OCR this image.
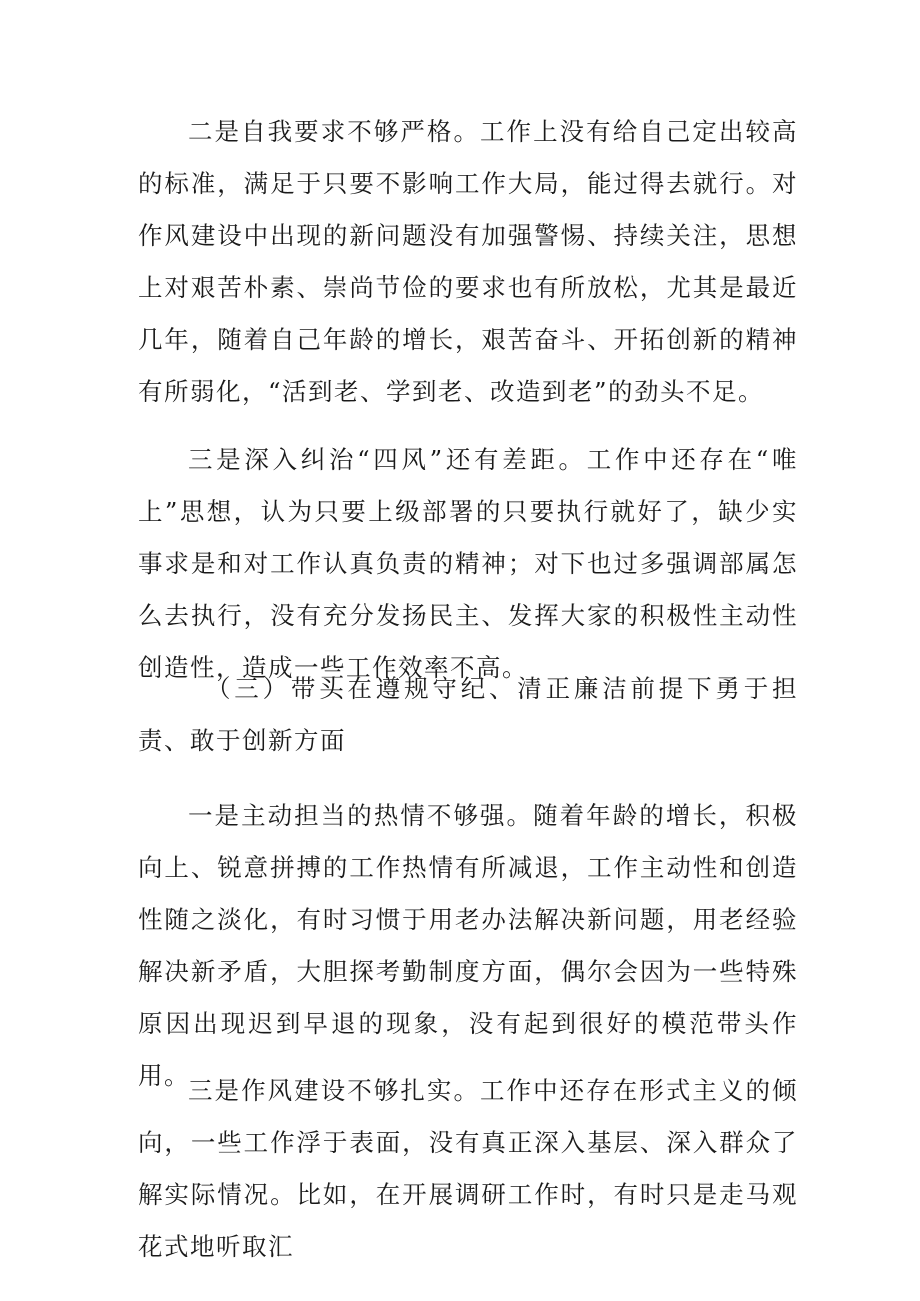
二是自我要求不够严格。工作上没有给自己定出较高的标准，满足于只要不影响工作大局，能过得去就行。对作风建设中出现的新问题没有加强警惕、持续关注，思想上对艰苦朴素、崇尚节俭的要求也有所放松，尤其是最近几年，随着自己年龄的增长，艰苦奋斗、开拓创新的精神有所弱化，“活到老、学到老、改造到老”的劲头不足。

三是深入纠治“四风”还有差距。工作中还存在“唯上”思想，认为只要上级部署的只要执行就好了，缺少实事求是和对工作认真负责的精神；对下也过多强调部属怎么去执行，没有充分发扬民主、发挥大家的积极性主动性创造性，造成一些工作效率不高。

（三）带头在遵规守纪、清正廉洁前提下勇于担责、敢于创新方面

一是主动担当的热情不够强。随着年龄的增长，积极向上、锐意拼搏的工作热情有所减退，工作主动性和创造性随之淡化，有时习惯于用老办法解决新问题，用老经验解决新矛盾，大胆探考勤制度方面，偶尔会因为一些特殊原因出现迟到早退的现象，没有起到很好的模范带头作用。

三是作风建设不够扎实。工作中还存在形式主义的倾向，一些工作浮于表面，没有真正深入基层、深入群众了解实际情况。比如，在开展调研工作时，有时只是走马观花式地听取汇
